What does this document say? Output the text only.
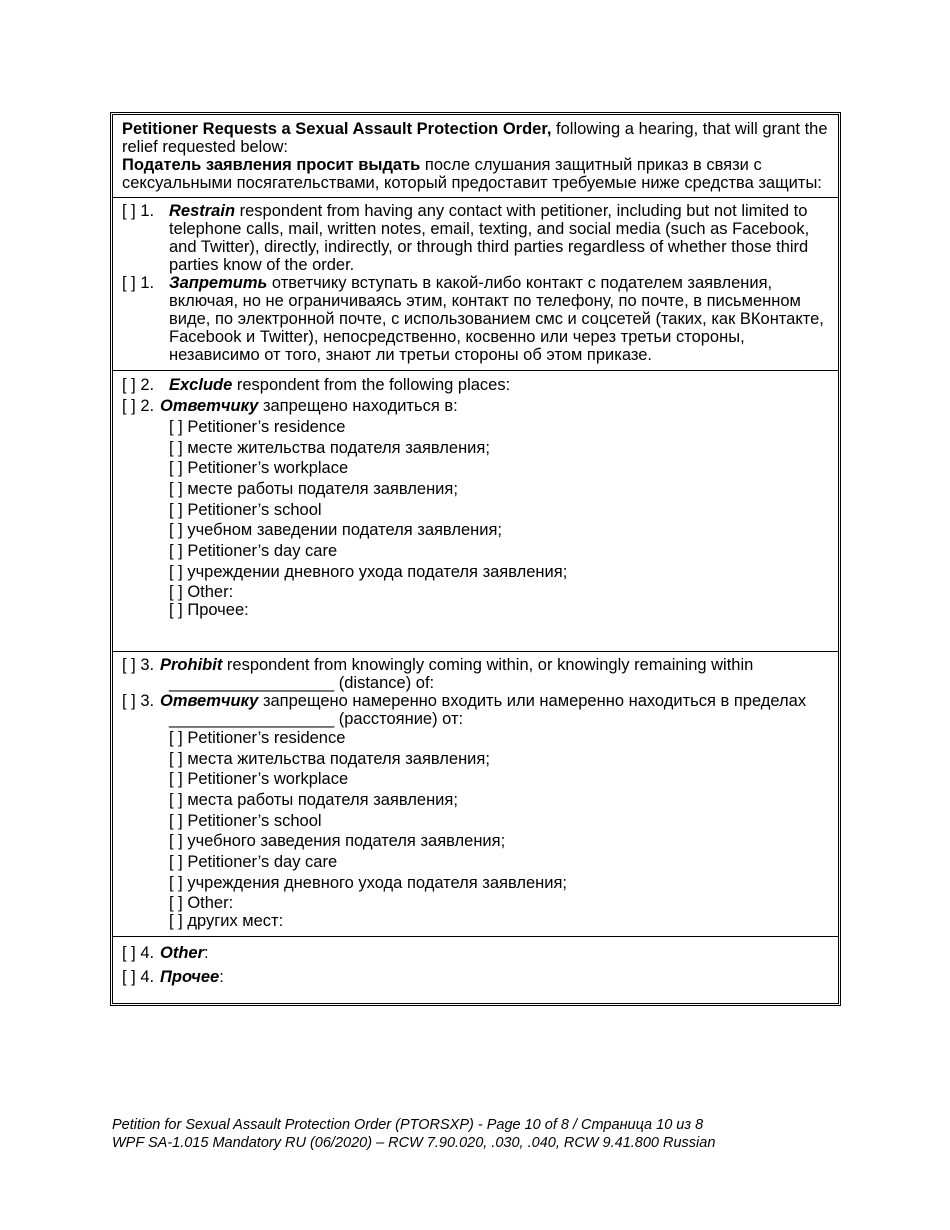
Petitioner Requests a Sexual Assault Protection Order, following a hearing, that will grant the relief requested below:

Податель заявления просит выдать после слушания защитный приказ в связи с сексуальными посягательствами, который предоставит требуемые ниже средства защиты:

[ ] 1. Restrain respondent from having any contact with petitioner, including but not limited to telephone calls, mail, written notes, email, texting, and social media (such as Facebook, and Twitter), directly, indirectly, or through third parties regardless of whether those third parties know of the order.
[ ] 1. Запретить ответчику вступать в какой-либо контакт с подателем заявления, включая, но не ограничиваясь этим, контакт по телефону, по почте, в письменном виде, по электронной почте, с использованием смс и соцсетей (таких, как ВКонтакте, Facebook и Twitter), непосредственно, косвенно или через третьи стороны, независимо от того, знают ли третьи стороны об этом приказе.
[ ] 2. Exclude respondent from the following places:
[ ] 2. Ответчику запрещено находиться в:
[ ] Petitioner’s residence
[ ] месте жительства подателя заявления;
[ ] Petitioner’s workplace
[ ] месте работы подателя заявления;
[ ] Petitioner’s school
[ ] учебном заведении подателя заявления;
[ ] Petitioner’s day care
[ ] учреждении дневного ухода подателя заявления;
[ ] Other:
[ ] Прочее:
[ ] 3. Prohibit respondent from knowingly coming within, or knowingly remaining within
__________________ (distance) of:
[ ] 3. Ответчику запрещено намеренно входить или намеренно находиться в пределах
__________________ (расстояние) от:
[ ] Petitioner’s residence
[ ] места жительства подателя заявления;
[ ] Petitioner’s workplace
[ ] места работы подателя заявления;
[ ] Petitioner’s school
[ ] учебного заведения подателя заявления;
[ ] Petitioner’s day care
[ ] учреждения дневного ухода подателя заявления;
[ ] Other:
[ ] других мест:
[ ] 4. Other:
[ ] 4. Прочее:
Petition for Sexual Assault Protection Order (PTORSXP) - Page 10 of 8 / Страница 10 из 8
WPF SA-1.015 Mandatory RU (06/2020) – RCW 7.90.020, .030, .040, RCW 9.41.800 Russian
